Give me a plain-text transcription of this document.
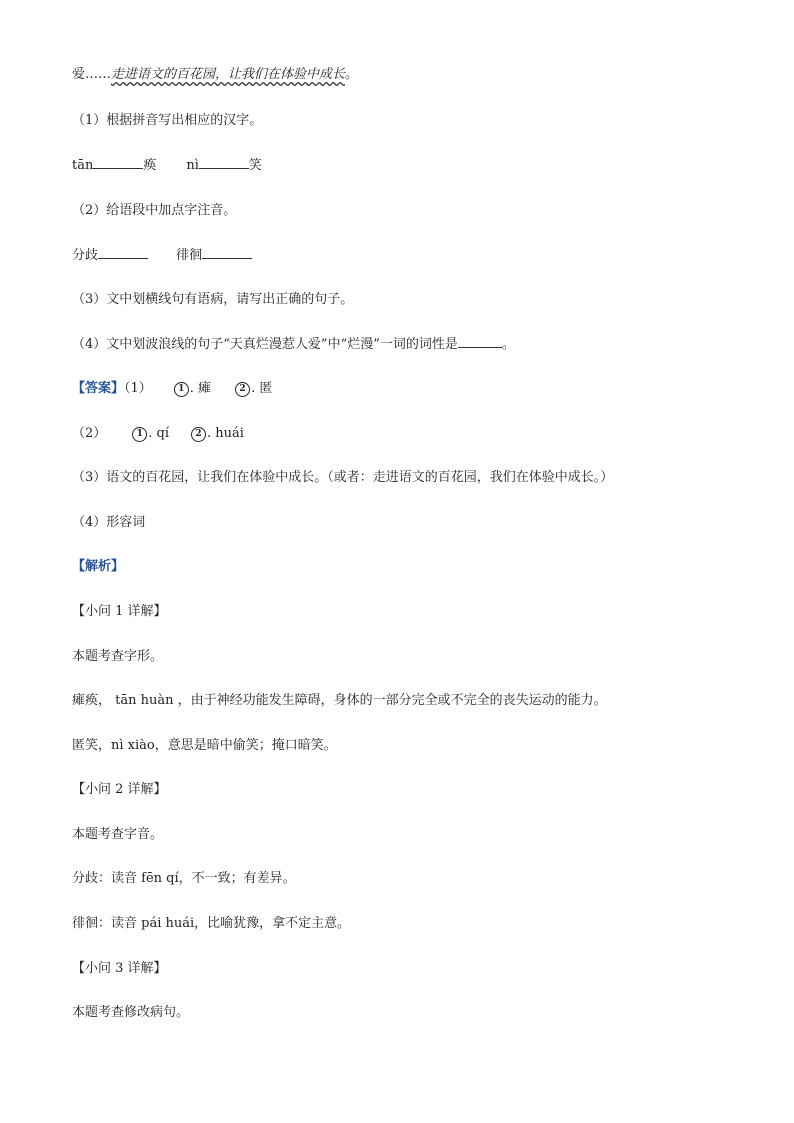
爱……走进语文的百花园，让我们在体验中成长。
（1）根据拼音写出相应的汉字。
tān	痪 nì	笑
（2）给语段中加点字注音。
分歧	徘徊
（3）文中划横线句有语病，请写出正确的句子。
（4）文中划波浪线的句子“天真烂漫惹人爱”中“烂漫”一词的词性是	。
【答案】（1）	1 . 瘫	2 . 匿
（2）	1 . qí	2 . huái
（3）语文的百花园，让我们在体验中成长。（或者：走进语文的百花园，我们在体验中成长。）
（4）形容词
【解析】
【小问 1 详解】
本题考查字形。
瘫痪， tān huàn ，由于神经功能发生障碍，身体的一部分完全或不完全的丧失运动的能力。
匿笑，nì xiào，意思是暗中偷笑；掩口暗笑。
【小问 2 详解】
本题考查字音。
分歧：读音 fēn qí，不一致；有差异。
徘徊：读音 pái huái，比喻犹豫，拿不定主意。
【小问 3 详解】
本题考查修改病句。
